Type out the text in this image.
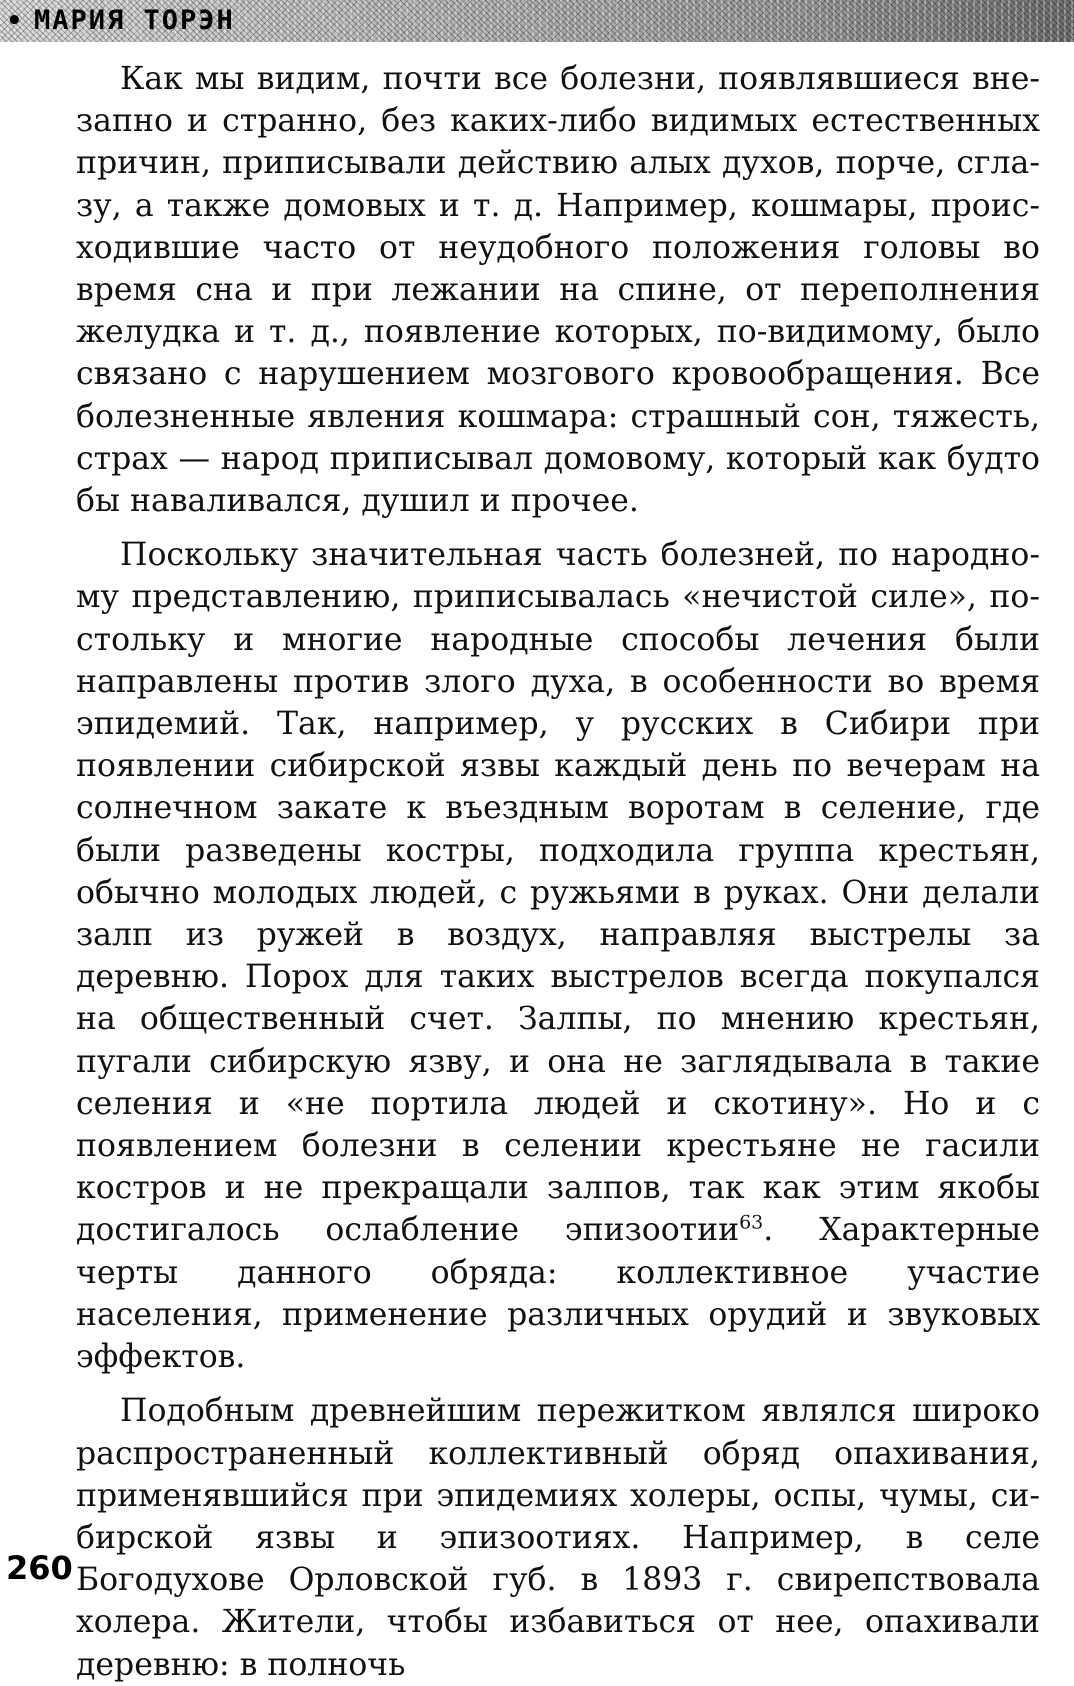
• МАРИЯ ТОРЭН

Как мы видим, почти все болезни, появлявшиеся внезапно и странно, без каких-либо видимых естественных причин, приписывали действию алых духов, порче, сглазу, а также домовых и т. д. Например, кошмары, происходившие часто от неудобного положения головы во время сна и при лежании на спине, от переполнения желудка и т. д., появление которых, по-видимому, было связано с нарушением мозгового кровообращения. Все болезненные явления кошмара: страшный сон, тяжесть, страх — народ приписывал домовому, который как будто бы наваливался, душил и прочее.

Поскольку значительная часть болезней, по народному представлению, приписывалась «нечистой силе», постольку и многие народные способы лечения были направлены против злого духа, в особенности во время эпидемий. Так, например, у русских в Сибири при появлении сибирской язвы каждый день по вечерам на солнечном закате к въездным воротам в селение, где были разведены костры, подходила группа крестьян, обычно молодых людей, с ружьями в руках. Они делали залп из ружей в воздух, направляя выстрелы за деревню. Порох для таких выстрелов всегда покупался на общественный счет. Залпы, по мнению крестьян, пугали сибирскую язву, и она не заглядывала в такие селения и «не портила людей и скотину». Но и с появлением болезни в селении крестьяне не гасили костров и не прекращали залпов, так как этим якобы достигалось ослабление эпизоотии$^{63}$. Характерные черты данного обряда: коллективное участие населения, применение различных орудий и звуковых эффектов.

Подобным древнейшим пережитком являлся широко распространенный коллективный обряд опахивания, применявшийся при эпидемиях холеры, оспы, чумы, сибирской язвы и эпизоотиях. Например, в селе Богодухове Орловской губ. в 1893 г. свирепствовала холера. Жители, чтобы избавиться от нее, опахивали деревню: в полночь

260
